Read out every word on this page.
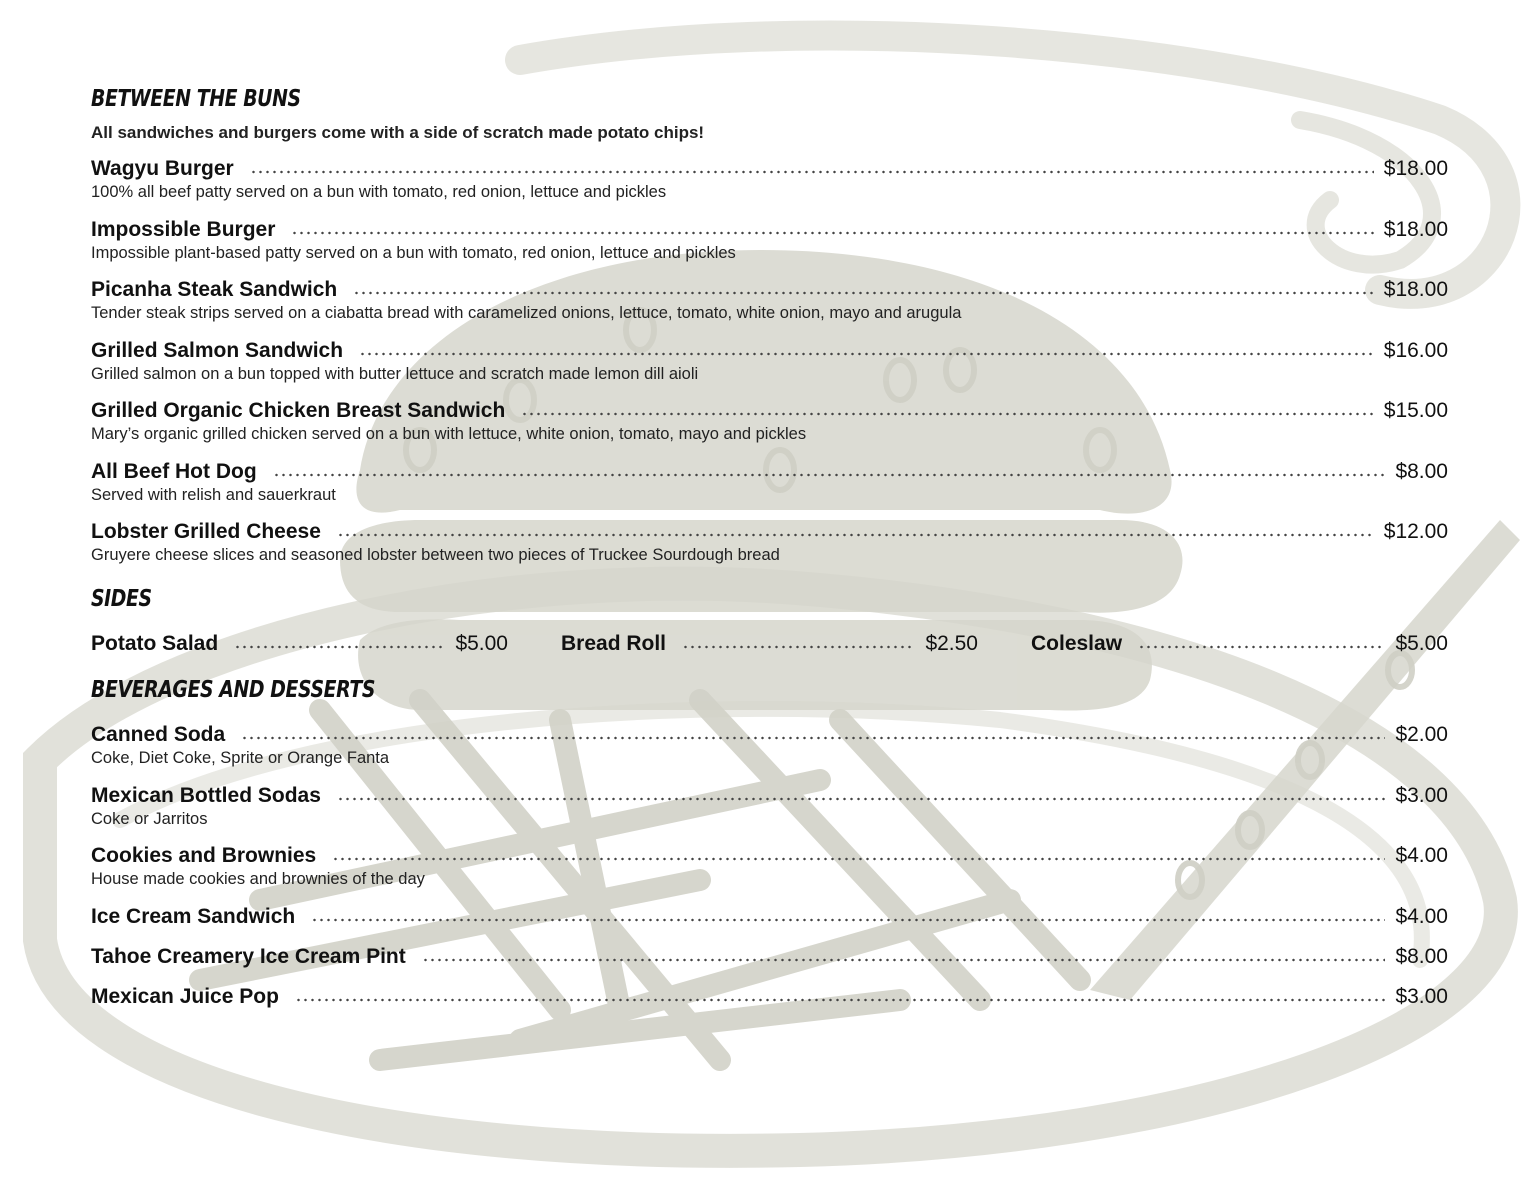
BETWEEN THE BUNS
All sandwiches and burgers come with a side of scratch made potato chips!
Wagyu Burger	$18.00
100% all beef patty served on a bun with tomato, red onion, lettuce and pickles
Impossible Burger	$18.00
Impossible plant-based patty served on a bun with tomato, red onion, lettuce and pickles
Picanha Steak Sandwich	$18.00
Tender steak strips served on a ciabatta bread with caramelized onions, lettuce, tomato, white onion, mayo and arugula
Grilled Salmon Sandwich	$16.00
Grilled salmon on a bun topped with butter lettuce and scratch made lemon dill aioli
Grilled Organic Chicken Breast Sandwich	$15.00
Mary’s organic grilled chicken served on a bun with lettuce, white onion, tomato, mayo and pickles
All Beef Hot Dog	$8.00
Served with relish and sauerkraut
Lobster Grilled Cheese	$12.00
Gruyere cheese slices and seasoned lobster between two pieces of Truckee Sourdough bread
SIDES
Potato Salad	$5.00	Bread Roll	$2.50	Coleslaw	$5.00
BEVERAGES AND DESSERTS
Canned Soda	$2.00
Coke, Diet Coke, Sprite or Orange Fanta
Mexican Bottled Sodas	$3.00
Coke or Jarritos
Cookies and Brownies	$4.00
House made cookies and brownies of the day
Ice Cream Sandwich	$4.00
Tahoe Creamery Ice Cream Pint	$8.00
Mexican Juice Pop	$3.00
